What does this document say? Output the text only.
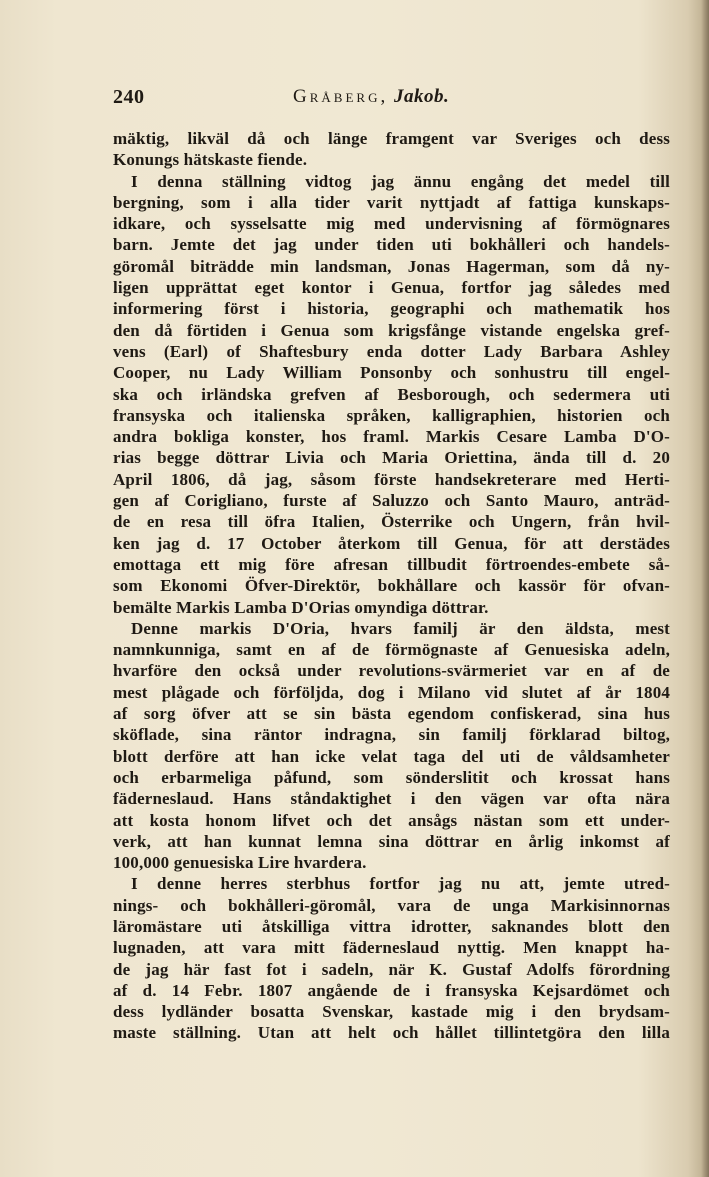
240	Gråberg, Jakob.
mäktig, likväl då och länge framgent var Sveriges och dess
Konungs hätskaste fiende.
I denna ställning vidtog jag ännu engång det medel till
bergning, som i alla tider varit nyttjadt af fattiga kunskaps-
idkare, och sysselsatte mig med undervisning af förmögnares
barn. Jemte det jag under tiden uti bokhålleri och handels-
göromål biträdde min landsman, Jonas Hagerman, som då ny-
ligen upprättat eget kontor i Genua, fortfor jag således med
informering först i historia, geographi och mathematik hos
den då förtiden i Genua som krigsfånge vistande engelska gref-
vens (Earl) of Shaftesbury enda dotter Lady Barbara Ashley
Cooper, nu Lady William Ponsonby och sonhustru till engel-
ska och irländska grefven af Besborough, och sedermera uti
fransyska och italienska språken, kalligraphien, historien och
andra bokliga konster, hos framl. Markis Cesare Lamba D'O-
rias begge döttrar Livia och Maria Oriettina, ända till d. 20
April 1806, då jag, såsom förste handsekreterare med Herti-
gen af Corigliano, furste af Saluzzo och Santo Mauro, anträd-
de en resa till öfra Italien, Österrike och Ungern, från hvil-
ken jag d. 17 October återkom till Genua, för att derstädes
emottaga ett mig före afresan tillbudit förtroendes-embete så-
som Ekonomi Öfver-Direktör, bokhållare och kassör för ofvan-
bemälte Markis Lamba D'Orias omyndiga döttrar.
Denne markis D'Oria, hvars familj är den äldsta, mest
namnkunniga, samt en af de förmögnaste af Genuesiska adeln,
hvarföre den också under revolutions-svärmeriet var en af de
mest plågade och förföljda, dog i Milano vid slutet af år 1804
af sorg öfver att se sin bästa egendom confiskerad, sina hus
sköflade, sina räntor indragna, sin familj förklarad biltog,
blott derföre att han icke velat taga del uti de våldsamheter
och erbarmeliga påfund, som sönderslitit och krossat hans
fäderneslaud. Hans ståndaktighet i den vägen var ofta nära
att kosta honom lifvet och det ansågs nästan som ett under-
verk, att han kunnat lemna sina döttrar en årlig inkomst af
100,000 genuesiska Lire hvardera.
I denne herres sterbhus fortfor jag nu att, jemte utred-
nings- och bokhålleri-göromål, vara de unga Markisinnornas
läromästare uti åtskilliga vittra idrotter, saknandes blott den
lugnaden, att vara mitt fäderneslaud nyttig. Men knappt ha-
de jag här fast fot i sadeln, när K. Gustaf Adolfs förordning
af d. 14 Febr. 1807 angående de i fransyska Kejsardömet och
dess lydländer bosatta Svenskar, kastade mig i den brydsam-
maste ställning. Utan att helt och hållet tillintetgöra den lilla
